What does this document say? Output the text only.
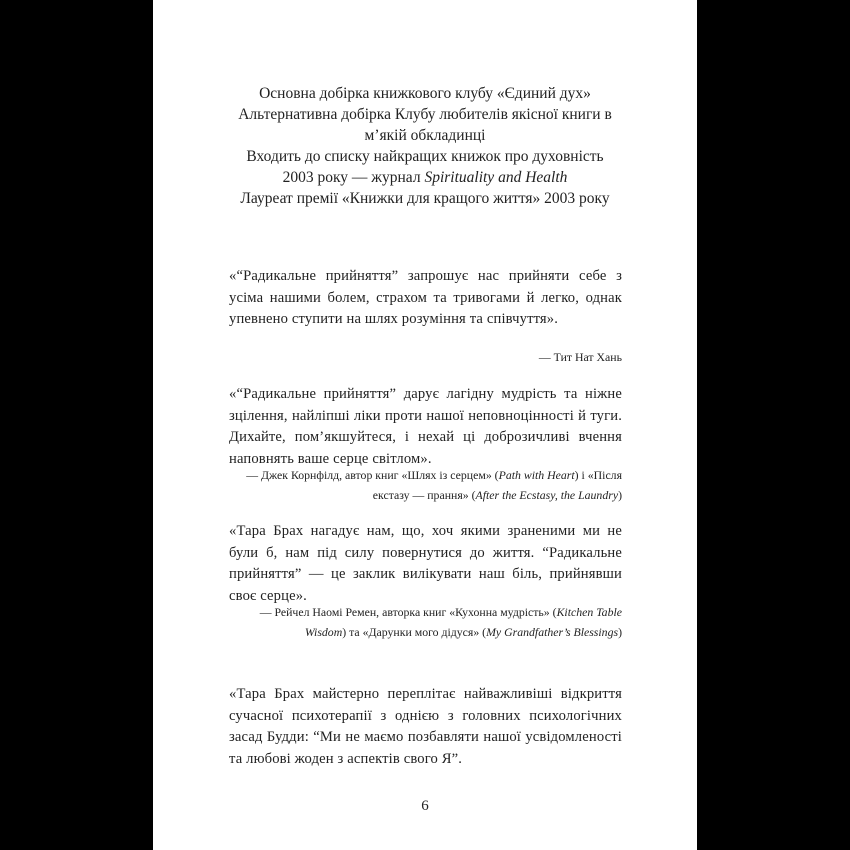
Основна добірка книжкового клубу «Єдиний дух»
Альтернативна добірка Клубу любителів якісної книги в м’якій обкладинці
Входить до списку найкращих книжок про духовність 2003 року — журнал Spirituality and Health
Лауреат премії «Книжки для кращого життя» 2003 року
«“Радикальне прийняття” запрошує нас прийняти себе з усіма нашими болем, страхом та тривогами й легко, однак упевнено ступити на шлях розуміння та співчуття».
— Тит Нат Хань
«“Радикальне прийняття” дарує лагідну мудрість та ніжне зцілення, найліпші ліки проти нашої неповноцінності й туги. Дихайте, пом’якшуйтеся, і нехай ці доброзичливі вчення наповнять ваше серце світлом».
— Джек Корнфілд, автор книг «Шлях із серцем» (Path with Heart) і «Після екстазу — прання» (After the Ecstasy, the Laundry)
«Тара Брах нагадує нам, що, хоч якими зраненими ми не були б, нам під силу повернутися до життя. “Радикальне прийняття” — це заклик вилікувати наш біль, прийнявши своє серце».
— Рейчел Наомі Ремен, авторка книг «Кухонна мудрість» (Kitchen Table Wisdom) та «Дарунки мого дідуся» (My Grandfather’s Blessings)
«Тара Брах майстерно переплітає найважливіші відкриття сучасної психотерапії з однією з головних психологічних засад Будди: “Ми не маємо позбавляти нашої усвідомленості та любові жоден з аспектів свого Я”.
6
